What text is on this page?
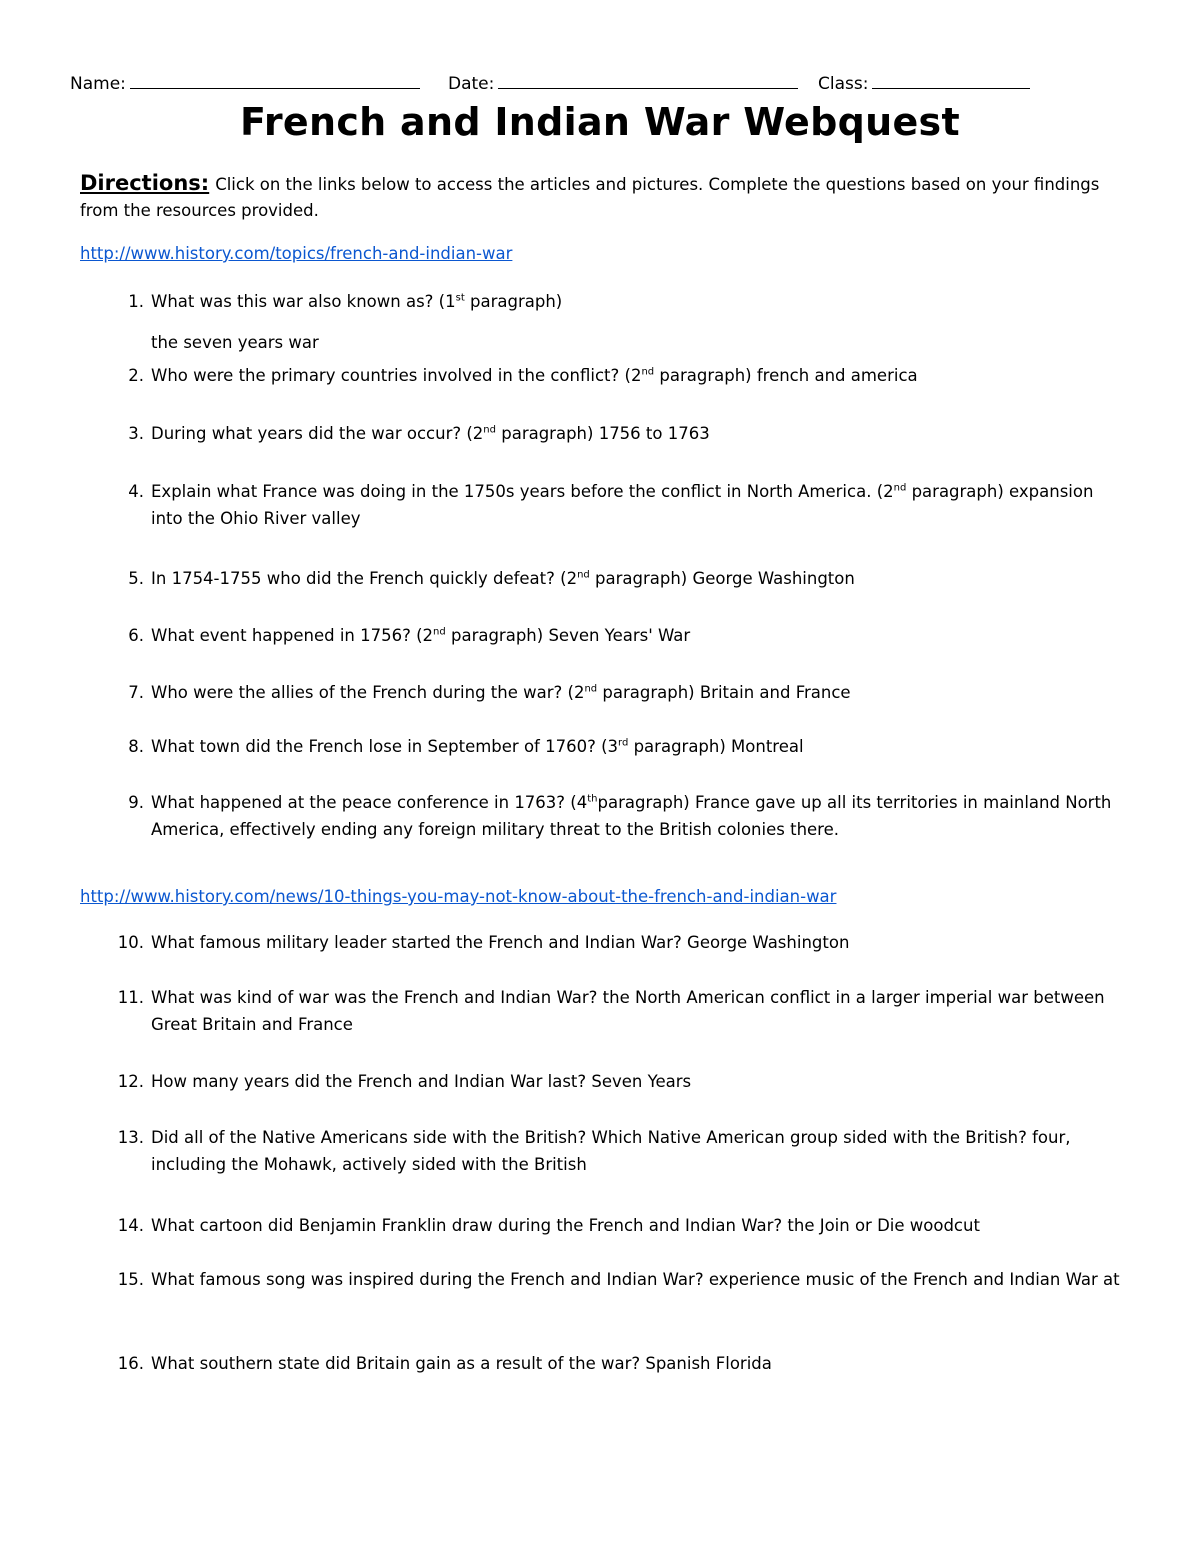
Name:	Date:	Class:
French and Indian War Webquest
Directions: Click on the links below to access the articles and pictures. Complete the questions based on your findings from the resources provided.
http://www.history.com/topics/french-and-indian-war
1. What was this war also known as? (1st paragraph)
the seven years war
2. Who were the primary countries involved in the conflict? (2nd paragraph) french and america
3. During what years did the war occur? (2nd paragraph) 1756 to 1763
4. Explain what France was doing in the 1750s years before the conflict in North America. (2nd paragraph) expansion into the Ohio River valley
5. In 1754-1755 who did the French quickly defeat? (2nd paragraph) George Washington
6. What event happened in 1756? (2nd paragraph) Seven Years' War
7. Who were the allies of the French during the war? (2nd paragraph) Britain and France
8. What town did the French lose in September of 1760? (3rd paragraph) Montreal
9. What happened at the peace conference in 1763? (4thparagraph) France gave up all its territories in mainland North America, effectively ending any foreign military threat to the British colonies there.
http://www.history.com/news/10-things-you-may-not-know-about-the-french-and-indian-war
10. What famous military leader started the French and Indian War? George Washington
11. What was kind of war was the French and Indian War? the North American conflict in a larger imperial war between Great Britain and France
12. How many years did the French and Indian War last? Seven Years
13. Did all of the Native Americans side with the British? Which Native American group sided with the British? four, including the Mohawk, actively sided with the British
14. What cartoon did Benjamin Franklin draw during the French and Indian War? the Join or Die woodcut
15. What famous song was inspired during the French and Indian War? experience music of the French and Indian War at
16. What southern state did Britain gain as a result of the war? Spanish Florida
